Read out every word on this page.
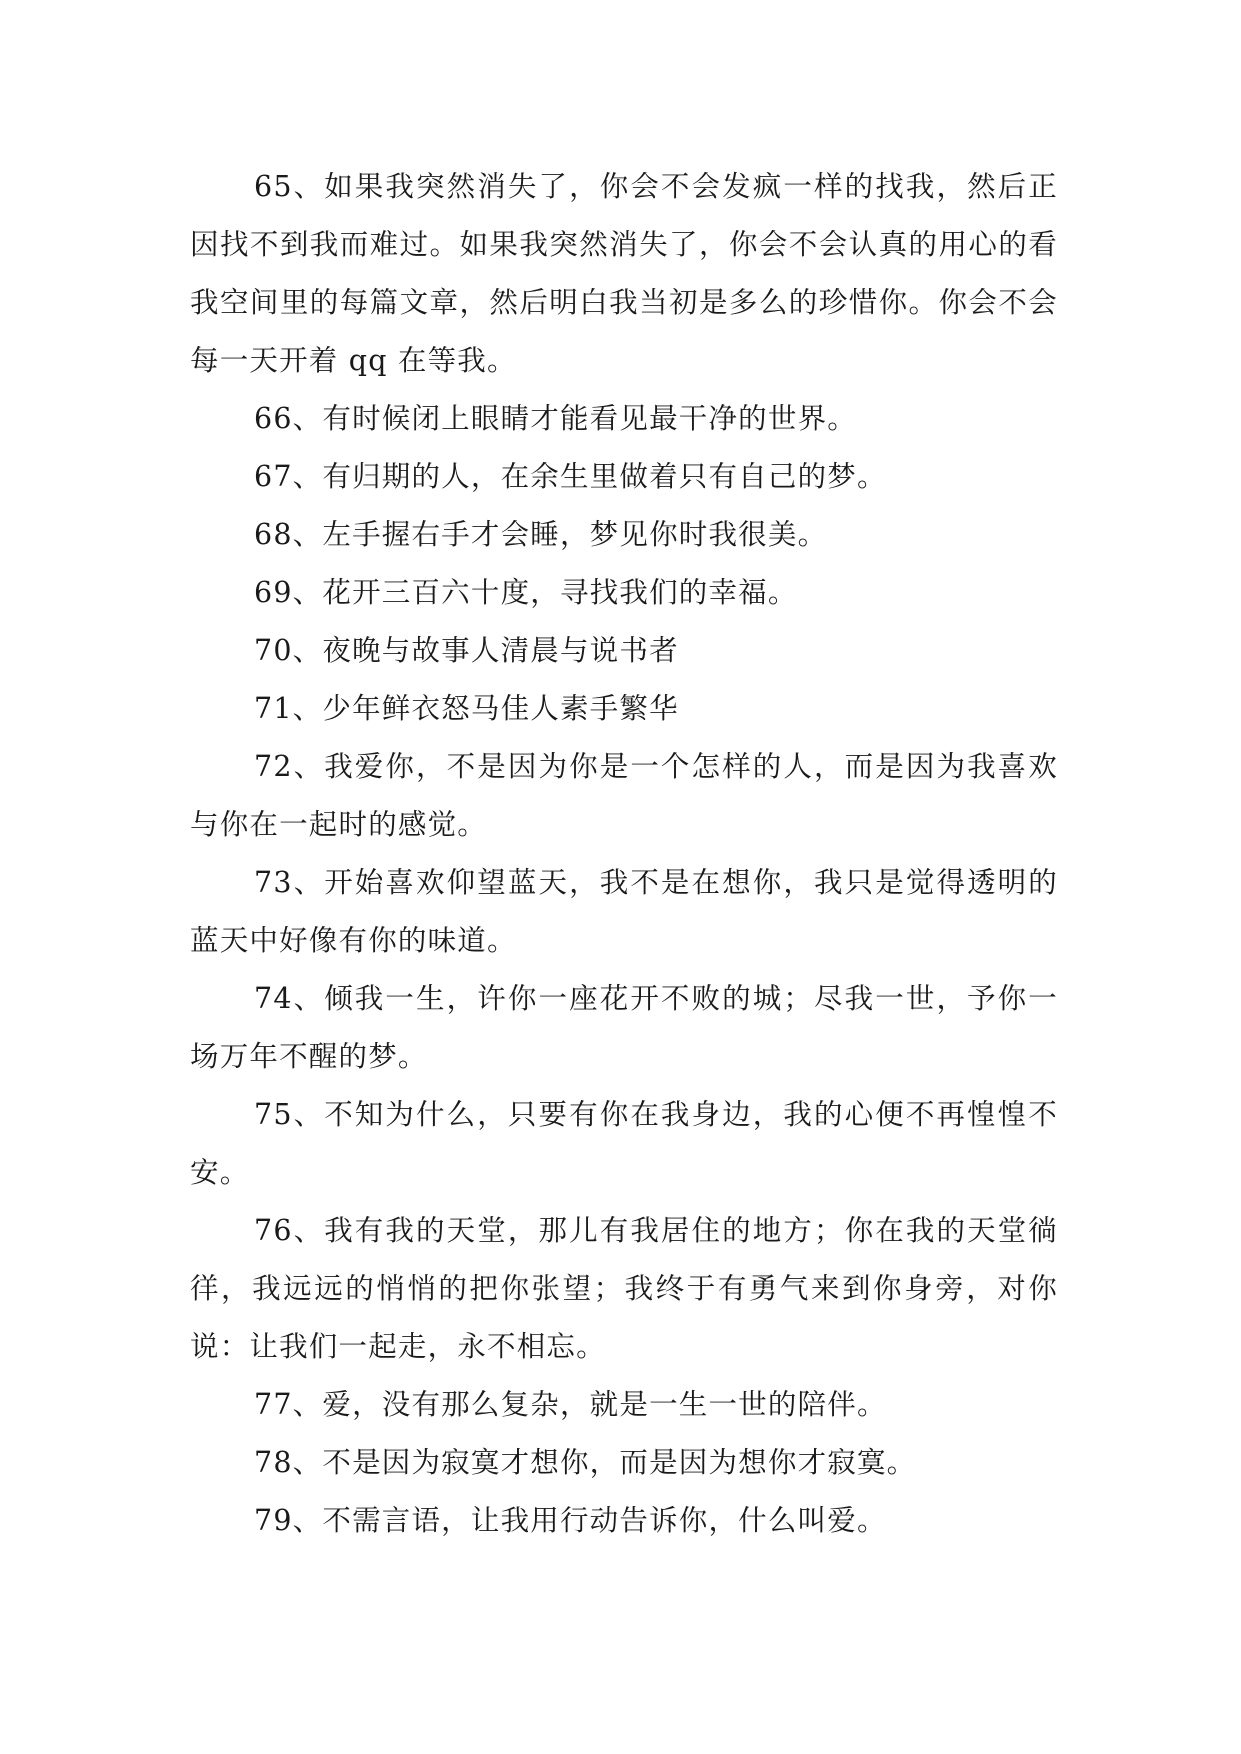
65、如果我突然消失了，你会不会发疯一样的找我，然后正因找不到我而难过。如果我突然消失了，你会不会认真的用心的看我空间里的每篇文章，然后明白我当初是多么的珍惜你。你会不会每一天开着 qq 在等我。

66、有时候闭上眼睛才能看见最干净的世界。

67、有归期的人，在余生里做着只有自己的梦。

68、左手握右手才会睡，梦见你时我很美。

69、花开三百六十度，寻找我们的幸福。

70、夜晚与故事人清晨与说书者

71、少年鲜衣怒马佳人素手繁华

72、我爱你，不是因为你是一个怎样的人，而是因为我喜欢与你在一起时的感觉。

73、开始喜欢仰望蓝天，我不是在想你，我只是觉得透明的蓝天中好像有你的味道。

74、倾我一生，许你一座花开不败的城；尽我一世，予你一场万年不醒的梦。

75、不知为什么，只要有你在我身边，我的心便不再惶惶不安。

76、我有我的天堂，那儿有我居住的地方；你在我的天堂徜徉，我远远的悄悄的把你张望；我终于有勇气来到你身旁，对你说：让我们一起走，永不相忘。

77、爱，没有那么复杂，就是一生一世的陪伴。

78、不是因为寂寞才想你，而是因为想你才寂寞。

79、不需言语，让我用行动告诉你，什么叫爱。
